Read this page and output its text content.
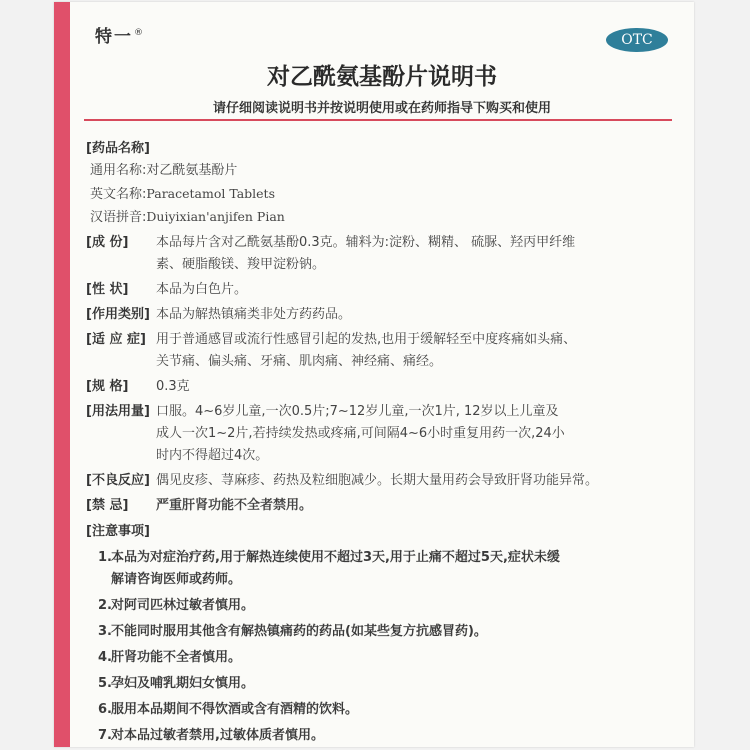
特一®	OTC
对乙酰氨基酚片说明书
请仔细阅读说明书并按说明使用或在药师指导下购买和使用
[药品名称]
通用名称:对乙酰氨基酚片
英文名称:Paracetamol Tablets
汉语拼音:Duiyixian'anjifen Pian
[成 份]	本品每片含对乙酰氨基酚0.3克。辅料为:淀粉、糊精、 硫脲、羟丙甲纤维
素、硬脂酸镁、羧甲淀粉钠。
[性 状]	本品为白色片。
[作用类别] 本品为解热镇痛类非处方药药品。
[适 应 症] 用于普通感冒或流行性感冒引起的发热,也用于缓解轻至中度疼痛如头痛、
关节痛、偏头痛、牙痛、肌肉痛、神经痛、痛经。
[规 格]	0.3克
[用法用量] 口服。4~6岁儿童,一次0.5片;7~12岁儿童,一次1片, 12岁以上儿童及
成人一次1~2片,若持续发热或疼痛,可间隔4~6小时重复用药一次,24小
时内不得超过4次。
[不良反应] 偶见皮疹、荨麻疹、药热及粒细胞减少。长期大量用药会导致肝肾功能异常。
[禁 忌]	严重肝肾功能不全者禁用。
[注意事项]
1.本品为对症治疗药,用于解热连续使用不超过3天,用于止痛不超过5天,症状未缓
解请咨询医师或药师。
2.对阿司匹林过敏者慎用。
3.不能同时服用其他含有解热镇痛药的药品(如某些复方抗感冒药)。
4.肝肾功能不全者慎用。
5.孕妇及哺乳期妇女慎用。
6.服用本品期间不得饮酒或含有酒精的饮料。
7.对本品过敏者禁用,过敏体质者慎用。
